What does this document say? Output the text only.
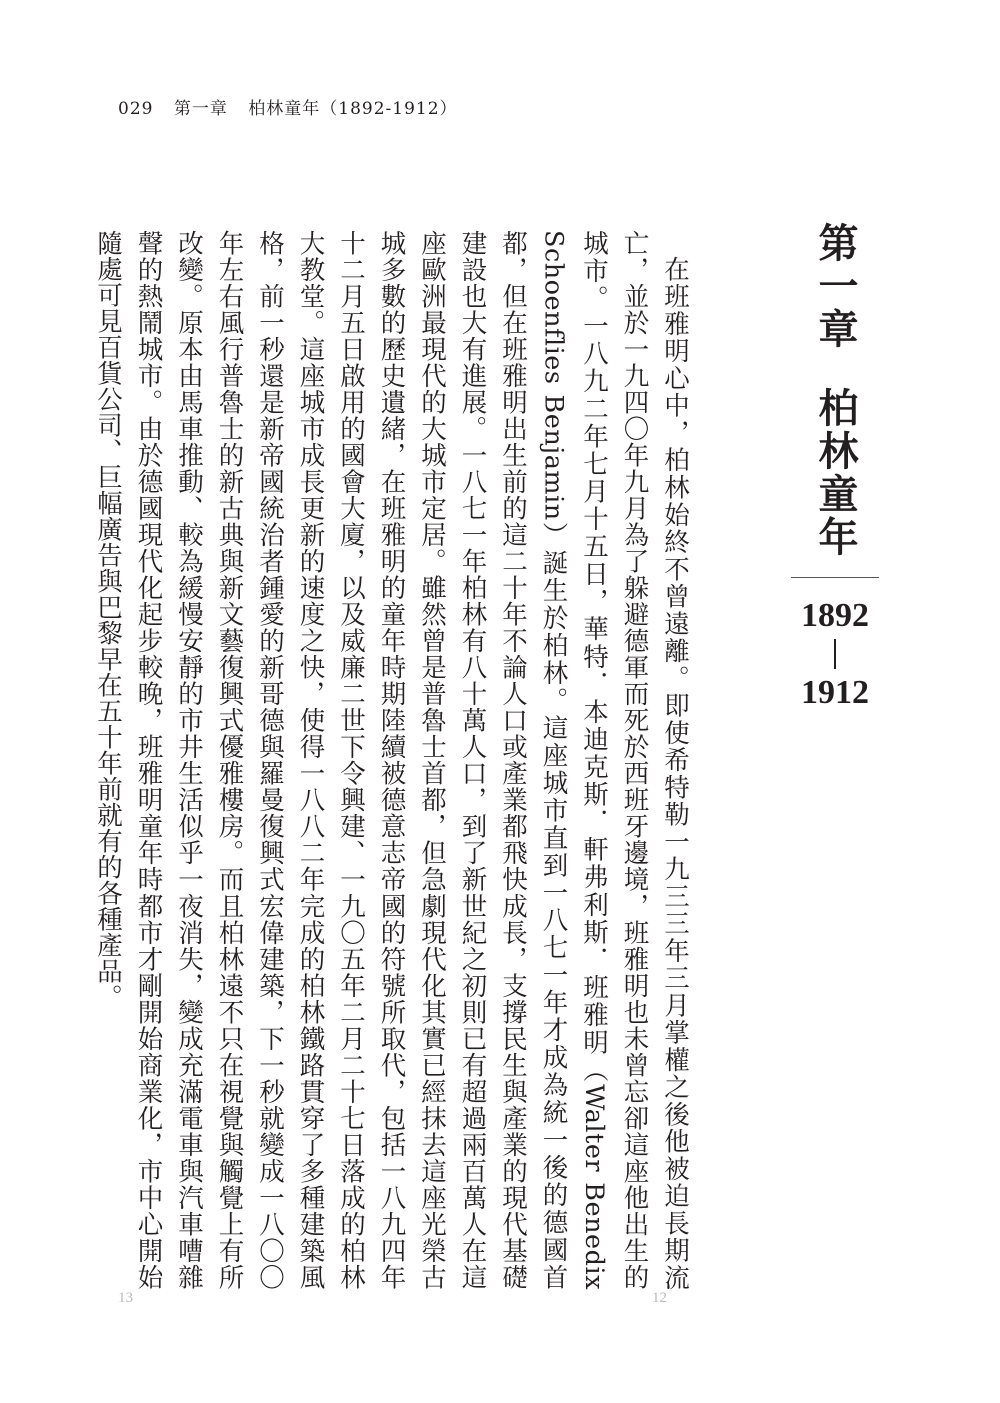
029 第一章 柏林童年（1892-1912）
第一章柏林童年
1892
1912

在班雅明心中，柏林始終不曾遠離。即使希特勒一九三三年三月掌權之後他被迫長期流亡，並於一九四〇年九月為了躲避德軍而死於西班牙邊境，班雅明也未曾忘卻這座他出生的城市。一八九二年七月十五日，華特．本迪克斯．軒弗利斯．班雅明（Walter Benedix Schoenflies Benjamin）誕生於柏林。這座城市直到一八七一年才成為統一後的德國首都，但在班雅明出生前的這二十年不論人口或產業都飛快成長，支撐民生與產業的現代基礎建設也大有進展。一八七一年柏林有八十萬人口，到了新世紀之初則已有超過兩百萬人在這座歐洲最現代的大城市定居。雖然曾是普魯士首都，但急劇現代化其實已經抹去這座光榮古城多數的歷史遺緒，在班雅明的童年時期陸續被德意志帝國的符號所取代，包括一八九四年十二月五日啟用的國會大廈，以及威廉二世下令興建、一九〇五年二月二十七日落成的柏林大教堂。這座城市成長更新的速度之快，使得一八八二年完成的柏林鐵路貫穿了多種建築風格，前一秒還是新帝國統治者鍾愛的新哥德與羅曼復興式宏偉建築，下一秒就變成一八〇〇年左右風行普魯士的新古典與新文藝復興式優雅樓房。而且柏林遠不只在視覺與觸覺上有所改變。原本由馬車推動、較為緩慢安靜的市井生活似乎一夜消失，變成充滿電車與汽車嘈雜聲的熱鬧城市。由於德國現代化起步較晚，班雅明童年時都市才剛開始商業化，市中心開始隨處可見百貨公司、巨幅廣告與巴黎早在五十年前就有的各種產品。

13	12
